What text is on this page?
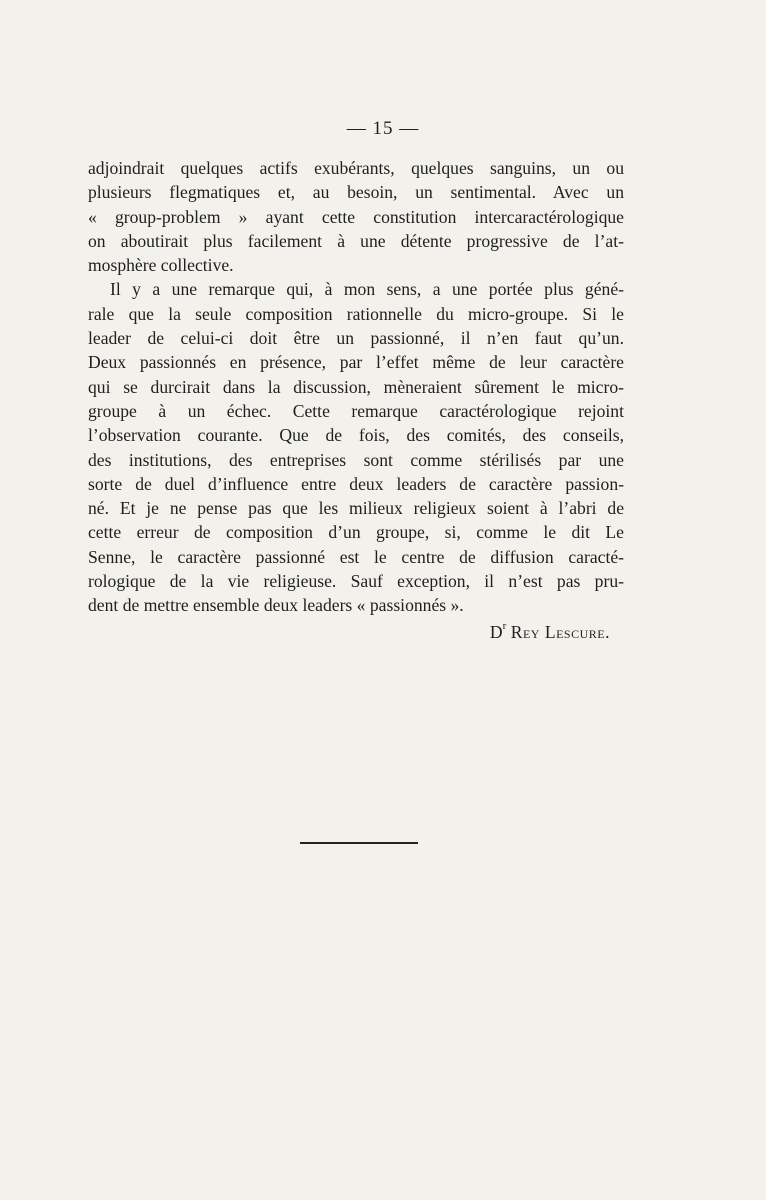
— 15 —
adjoindrait quelques actifs exubérants, quelques sanguins, un ou
plusieurs flegmatiques et, au besoin, un sentimental. Avec un
« group-problem » ayant cette constitution intercaractérologique
on aboutirait plus facilement à une détente progressive de l’at-
mosphère collective.
Il y a une remarque qui, à mon sens, a une portée plus géné-
rale que la seule composition rationnelle du micro-groupe. Si le
leader de celui-ci doit être un passionné, il n’en faut qu’un.
Deux passionnés en présence, par l’effet même de leur caractère
qui se durcirait dans la discussion, mèneraient sûrement le micro-
groupe à un échec. Cette remarque caractérologique rejoint
l’observation courante. Que de fois, des comités, des conseils,
des institutions, des entreprises sont comme stérilisés par une
sorte de duel d’influence entre deux leaders de caractère passion-
né. Et je ne pense pas que les milieux religieux soient à l’abri de
cette erreur de composition d’un groupe, si, comme le dit Le
Senne, le caractère passionné est le centre de diffusion caracté-
rologique de la vie religieuse. Sauf exception, il n’est pas pru-
dent de mettre ensemble deux leaders « passionnés ».
$D^r$ Rey Lescure.
